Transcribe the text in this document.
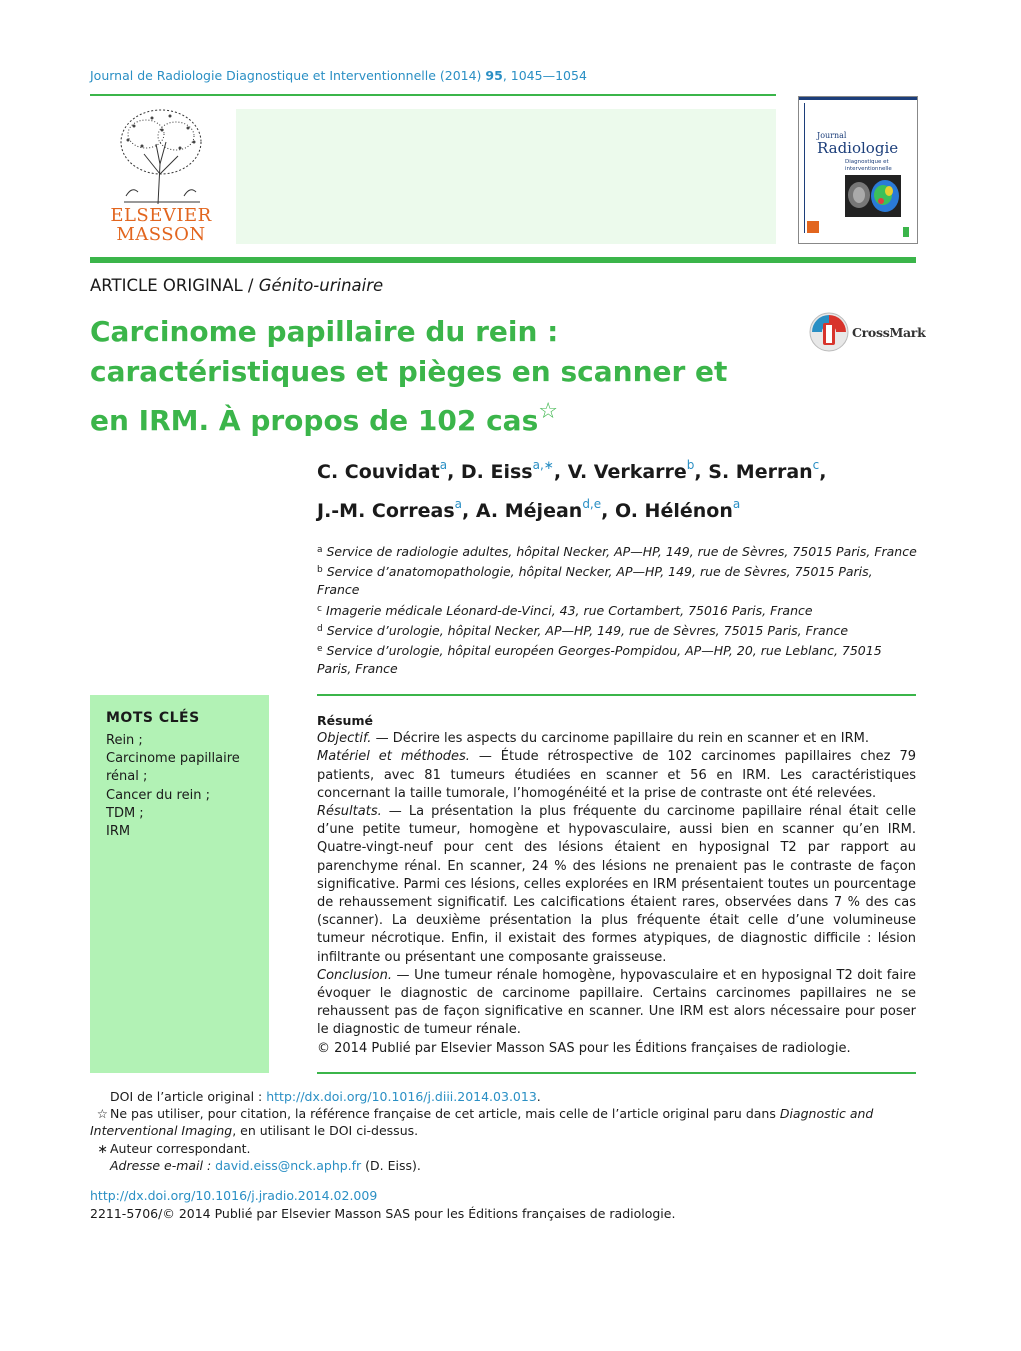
Journal de Radiologie Diagnostique et Interventionnelle (2014) 95, 1045—1054
ELSEVIER
MASSON
Journal
Radiologie
Diagnostique et interventionnelle
ARTICLE ORIGINAL / Génito-urinaire
Carcinome papillaire du rein : caractéristiques et pièges en scanner et en IRM. À propos de 102 cas☆
CrossMark
C. Couvidat$^a$, D. Eiss$^{a,∗}$, V. Verkarre$^b$, S. Merran$^c$,
J.-M. Correas$^a$, A. Méjean$^{d,e}$, O. Hélénon$^a$
$^a$ Service de radiologie adultes, hôpital Necker, AP—HP, 149, rue de Sèvres, 75015 Paris, France
$^b$ Service d’anatomopathologie, hôpital Necker, AP—HP, 149, rue de Sèvres, 75015 Paris, France
$^c$ Imagerie médicale Léonard-de-Vinci, 43, rue Cortambert, 75016 Paris, France
$^d$ Service d’urologie, hôpital Necker, AP—HP, 149, rue de Sèvres, 75015 Paris, France
$^e$ Service d’urologie, hôpital européen Georges-Pompidou, AP—HP, 20, rue Leblanc, 75015 Paris, France
MOTS CLÉS
Rein ;
Carcinome papillaire rénal ;
Cancer du rein ;
TDM ;
IRM

Résumé

Objectif. — Décrire les aspects du carcinome papillaire du rein en scanner et en IRM.

Matériel et méthodes. — Étude rétrospective de 102 carcinomes papillaires chez 79 patients, avec 81 tumeurs étudiées en scanner et 56 en IRM. Les caractéristiques concernant la taille tumorale, l’homogénéité et la prise de contraste ont été relevées.

Résultats. — La présentation la plus fréquente du carcinome papillaire rénal était celle d’une petite tumeur, homogène et hypovasculaire, aussi bien en scanner qu’en IRM. Quatre-vingt-neuf pour cent des lésions étaient en hyposignal T2 par rapport au parenchyme rénal. En scanner, 24 % des lésions ne prenaient pas le contraste de façon significative. Parmi ces lésions, celles explorées en IRM présentaient toutes un pourcentage de rehaussement significatif. Les calcifications étaient rares, observées dans 7 % des cas (scanner). La deuxième présentation la plus fréquente était celle d’une volumineuse tumeur nécrotique. Enfin, il existait des formes atypiques, de diagnostic difficile : lésion infiltrante ou présentant une composante graisseuse.

Conclusion. — Une tumeur rénale homogène, hypovasculaire et en hyposignal T2 doit faire évoquer le diagnostic de carcinome papillaire. Certains carcinomes papillaires ne se rehaussent pas de façon significative en scanner. Une IRM est alors nécessaire pour poser le diagnostic de tumeur rénale.

© 2014 Publié par Elsevier Masson SAS pour les Éditions françaises de radiologie.

DOI de l’article original : http://dx.doi.org/10.1016/j.diii.2014.03.013.

☆ Ne pas utiliser, pour citation, la référence française de cet article, mais celle de l’article original paru dans Diagnostic and Interventional Imaging, en utilisant le DOI ci-dessus.

∗ Auteur correspondant.

Adresse e-mail : david.eiss@nck.aphp.fr (D. Eiss).

http://dx.doi.org/10.1016/j.jradio.2014.02.009
2211-5706/© 2014 Publié par Elsevier Masson SAS pour les Éditions françaises de radiologie.
